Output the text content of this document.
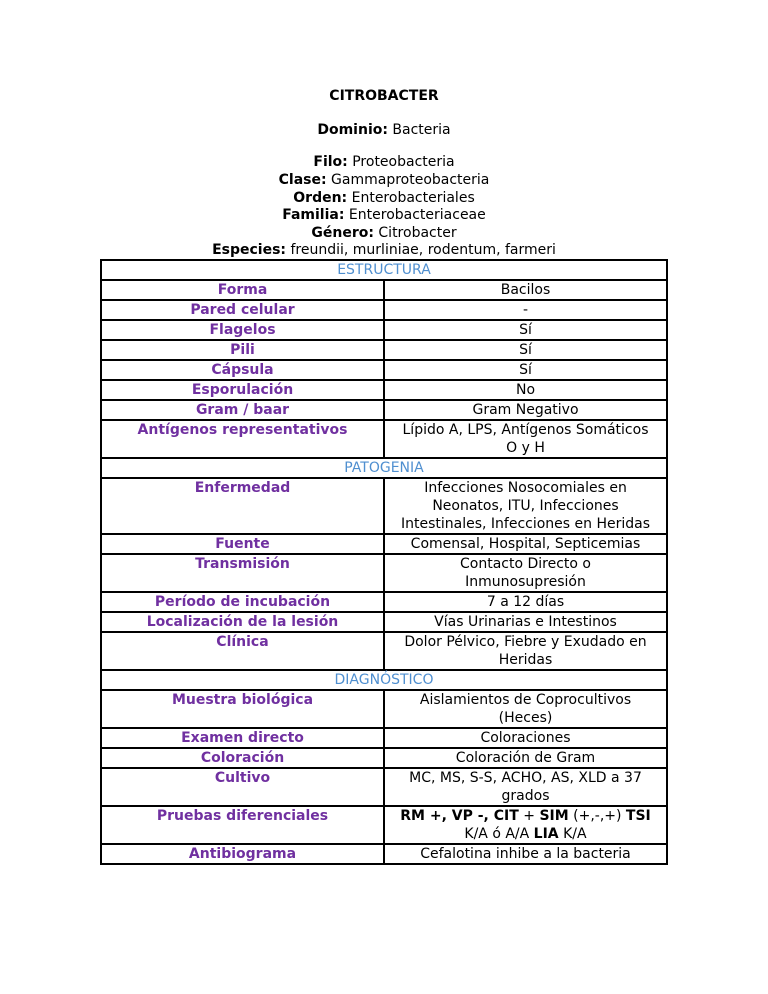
CITROBACTER
Dominio: Bacteria
Filo: Proteobacteria
Clase: Gammaproteobacteria
Orden: Enterobacteriales
Familia: Enterobacteriaceae
Género: Citrobacter
Especies: freundii, murliniae, rodentum, farmeri
ESTRUCTURA	
Forma	Bacilos
Pared celular	-
Flagelos	Sí
Pili	Sí
Cápsula	Sí
Esporulación	No
Gram / baar	Gram Negativo
Antígenos representativos	Lípido A, LPS, Antígenos Somáticos
O y H
PATOGENIA	
Enfermedad	Infecciones Nosocomiales en
Neonatos, ITU, Infecciones
Intestinales, Infecciones en Heridas
Fuente	Comensal, Hospital, Septicemias
Transmisión	Contacto Directo o
Inmunosupresión
Período de incubación	7 a 12 días
Localización de la lesión	Vías Urinarias e Intestinos
Clínica	Dolor Pélvico, Fiebre y Exudado en
Heridas
DIAGNÓSTICO	
Muestra biológica	Aislamientos de Coprocultivos
(Heces)
Examen directo	Coloraciones
Coloración	Coloración de Gram
Cultivo	MC, MS, S-S, ACHO, AS, XLD a 37
grados
Pruebas diferenciales	RM +, VP -, CIT + SIM (+,-,+) TSI
K/A ó A/A LIA K/A
Antibiograma	Cefalotina inhibe a la bacteria
